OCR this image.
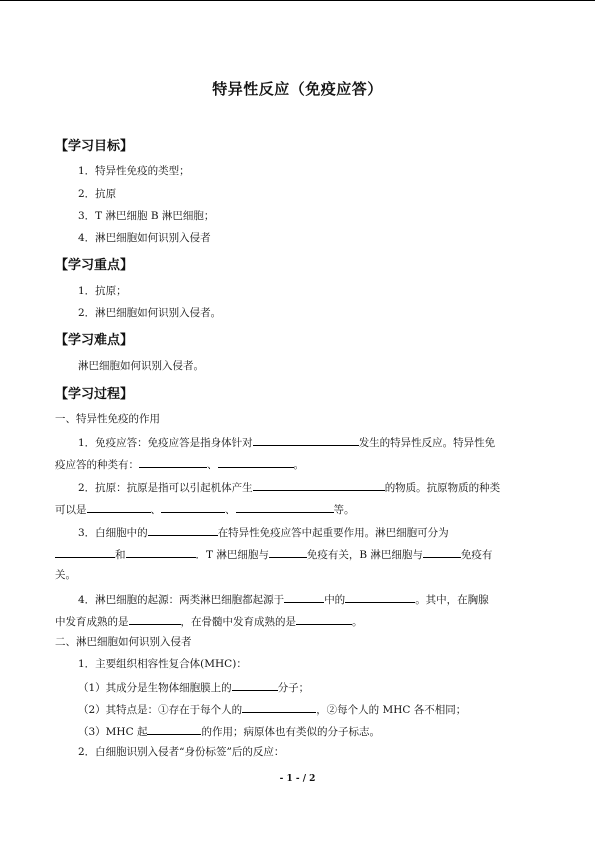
特异性反应（免疫应答）
【学习目标】
1．特异性免疫的类型；
2．抗原
3．T 淋巴细胞 B 淋巴细胞；
4．淋巴细胞如何识别入侵者
【学习重点】
1．抗原；
2．淋巴细胞如何识别入侵者。
【学习难点】
淋巴细胞如何识别入侵者。
【学习过程】
一、特异性免疫的作用
1．免疫应答：免疫应答是指身体针对	发生的特异性反应。特异性免
疫应答的种类有：	、	。
2．抗原：抗原是指可以引起机体产生	的物质。抗原物质的种类
可以是	、	、	等。
3．白细胞中的	在特异性免疫应答中起重要作用。淋巴细胞可分为
和	．T 淋巴细胞与	免疫有关，B 淋巴细胞与	免疫有
关。
4．淋巴细胞的起源：两类淋巴细胞都起源于	中的	。其中，在胸腺
中发育成熟的是	，在骨髓中发育成熟的是	。
二、淋巴细胞如何识别入侵者
1．主要组织相容性复合体(MHC)：
（1）其成分是生物体细胞膜上的	分子；
（2）其特点是：①存在于每个人的	，②每个人的 MHC 各不相同；
（3）MHC 起	的作用；病原体也有类似的分子标志。
2．白细胞识别入侵者“身份标签”后的反应：
- 1 - / 2
